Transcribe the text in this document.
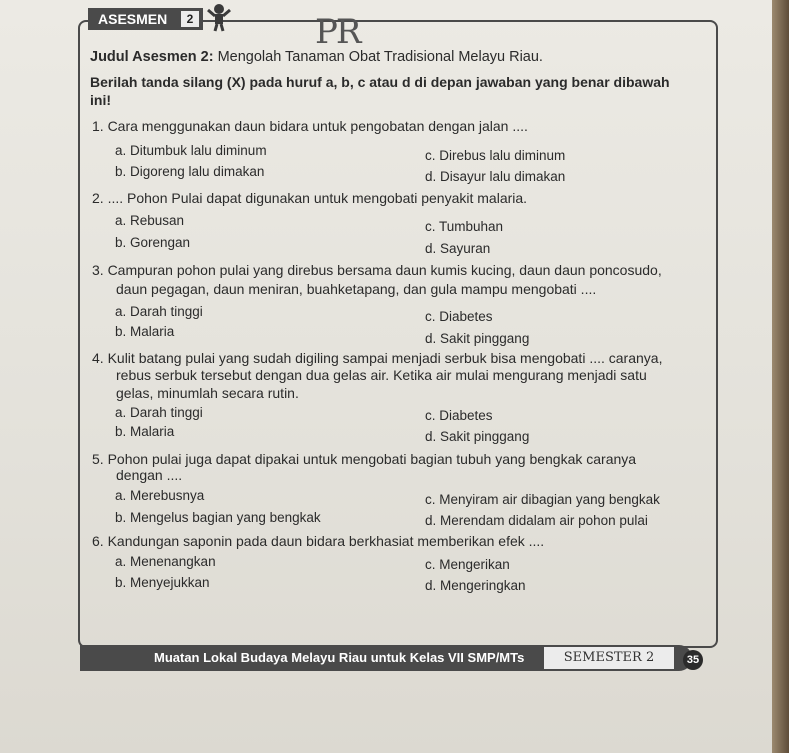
ASESMEN	2	PR
Judul Asesmen 2: Mengolah Tanaman Obat Tradisional Melayu Riau.
Berilah tanda silang (X) pada huruf a, b, c atau d di depan jawaban yang benar dibawah
ini!
1. Cara menggunakan daun bidara untuk pengobatan dengan jalan ....
a. Ditumbuk lalu diminum	c. Direbus lalu diminum
b. Digoreng lalu dimakan	d. Disayur lalu dimakan
2. .... Pohon Pulai dapat digunakan untuk mengobati penyakit malaria.
a. Rebusan	c. Tumbuhan
b. Gorengan	d. Sayuran
3. Campuran pohon pulai yang direbus bersama daun kumis kucing, daun daun poncosudo,
daun pegagan, daun meniran, buahketapang, dan gula mampu mengobati ....
a. Darah tinggi	c. Diabetes
b. Malaria	d. Sakit pinggang
4. Kulit batang pulai yang sudah digiling sampai menjadi serbuk bisa mengobati .... caranya,
rebus serbuk tersebut dengan dua gelas air. Ketika air mulai mengurang menjadi satu
gelas, minumlah secara rutin.
a. Darah tinggi	c. Diabetes
b. Malaria	d. Sakit pinggang
5. Pohon pulai juga dapat dipakai untuk mengobati bagian tubuh yang bengkak caranya
dengan ....
a. Merebusnya	c. Menyiram air dibagian yang bengkak
b. Mengelus bagian yang bengkak	d. Merendam didalam air pohon pulai
6. Kandungan saponin pada daun bidara berkhasiat memberikan efek ....
a. Menenangkan	c. Mengerikan
b. Menyejukkan	d. Mengeringkan
Muatan Lokal Budaya Melayu Riau untuk Kelas VII SMP/MTs	SEMESTER 2	35
